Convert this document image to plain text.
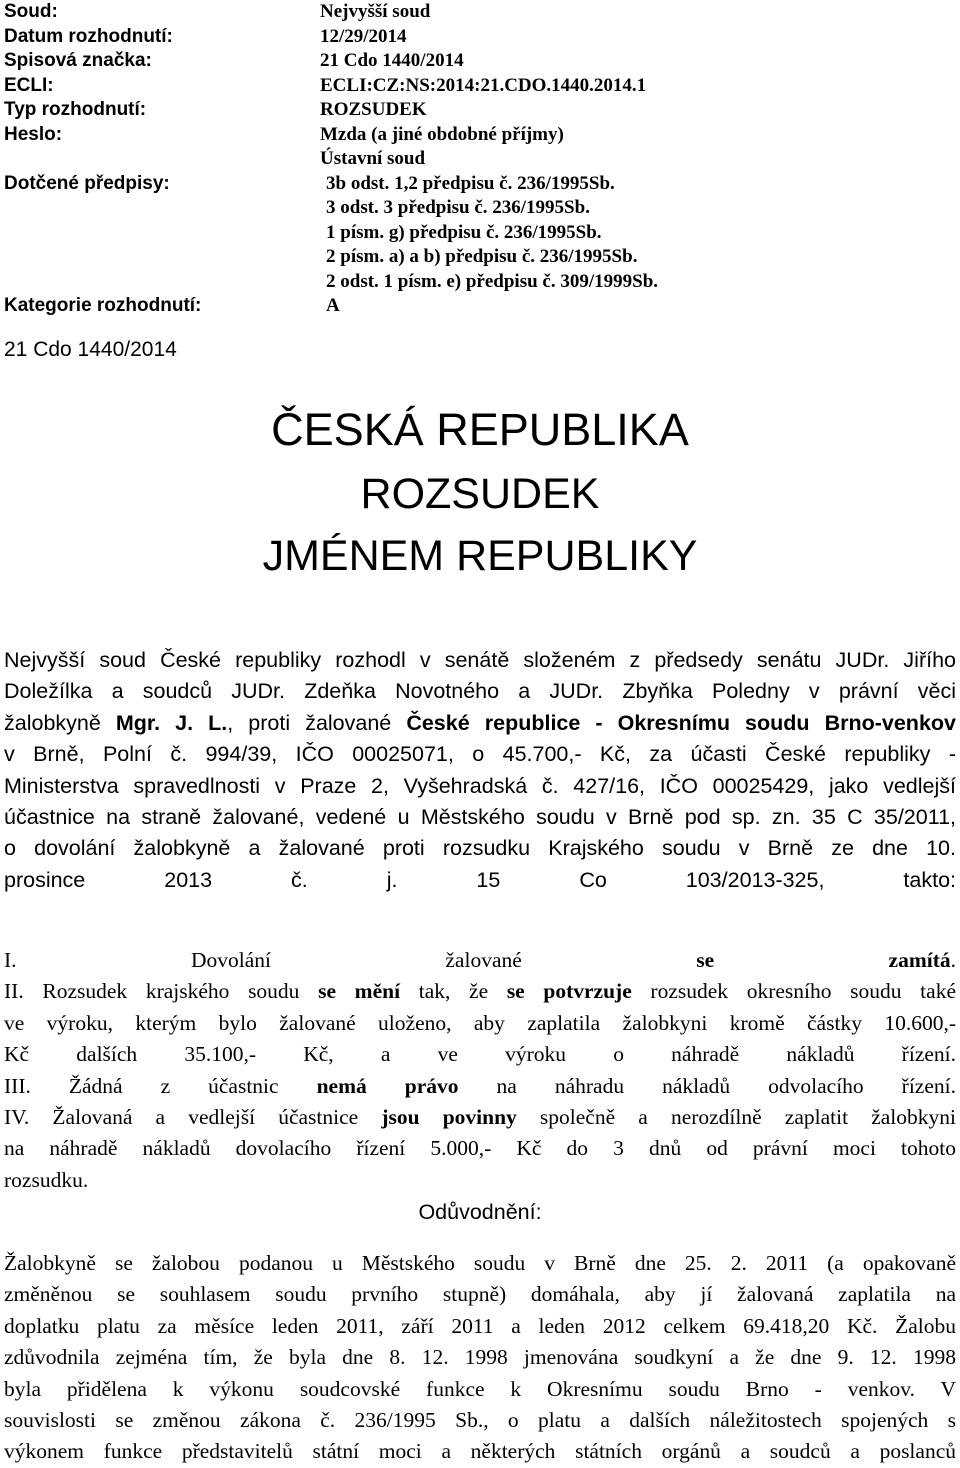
Soud:	Nejvyšší soud
Datum rozhodnutí:	12/29/2014
Spisová značka:	21 Cdo 1440/2014
ECLI:	ECLI:CZ:NS:2014:21.CDO.1440.2014.1
Typ rozhodnutí:	ROZSUDEK
Heslo:	Mzda (a jiné obdobné příjmy)
Ústavní soud
Dotčené předpisy:	3b odst. 1,2 předpisu č. 236/1995Sb.
3 odst. 3 předpisu č. 236/1995Sb.
1 písm. g) předpisu č. 236/1995Sb.
2 písm. a) a b) předpisu č. 236/1995Sb.
2 odst. 1 písm. e) předpisu č. 309/1999Sb.
Kategorie rozhodnutí:	A
21 Cdo 1440/2014
ČESKÁ REPUBLIKA
ROZSUDEK
JMÉNEM REPUBLIKY
Nejvyšší soud České republiky rozhodl v senátě složeném z předsedy senátu JUDr. Jiřího
Doležílka a soudců JUDr. Zdeňka Novotného a JUDr. Zbyňka Poledny v právní věci
žalobkyně Mgr. J. L., proti žalované České republice - Okresnímu soudu Brno-venkov
v Brně, Polní č. 994/39, IČO 00025071, o 45.700,- Kč, za účasti České republiky -
Ministerstva spravedlnosti v Praze 2, Vyšehradská č. 427/16, IČO 00025429, jako vedlejší
účastnice na straně žalované, vedené u Městského soudu v Brně pod sp. zn. 35 C 35/2011,
o dovolání žalobkyně a žalované proti rozsudku Krajského soudu v Brně ze dne 10.
prosince 2013 č. j. 15 Co 103/2013-325, takto:
I. Dovolání žalované se zamítá.
II. Rozsudek krajského soudu se mění tak, že se potvrzuje rozsudek okresního soudu také
ve výroku, kterým bylo žalované uloženo, aby zaplatila žalobkyni kromě částky 10.600,-
Kč dalších 35.100,- Kč, a ve výroku o náhradě nákladů řízení.
III. Žádná z účastnic nemá právo na náhradu nákladů odvolacího řízení.
IV. Žalovaná a vedlejší účastnice jsou povinny společně a nerozdílně zaplatit žalobkyni
na náhradě nákladů dovolacího řízení 5.000,- Kč do 3 dnů od právní moci tohoto
rozsudku.
Odůvodnění:
Žalobkyně se žalobou podanou u Městského soudu v Brně dne 25. 2. 2011 (a opakovaně
změněnou se souhlasem soudu prvního stupně) domáhala, aby jí žalovaná zaplatila na
doplatku platu za měsíce leden 2011, září 2011 a leden 2012 celkem 69.418,20 Kč. Žalobu
zdůvodnila zejména tím, že byla dne 8. 12. 1998 jmenována soudkyní a že dne 9. 12. 1998
byla přidělena k výkonu soudcovské funkce k Okresnímu soudu Brno - venkov. V
souvislosti se změnou zákona č. 236/1995 Sb., o platu a dalších náležitostech spojených s
výkonem funkce představitelů státní moci a některých státních orgánů a soudců a poslanců
